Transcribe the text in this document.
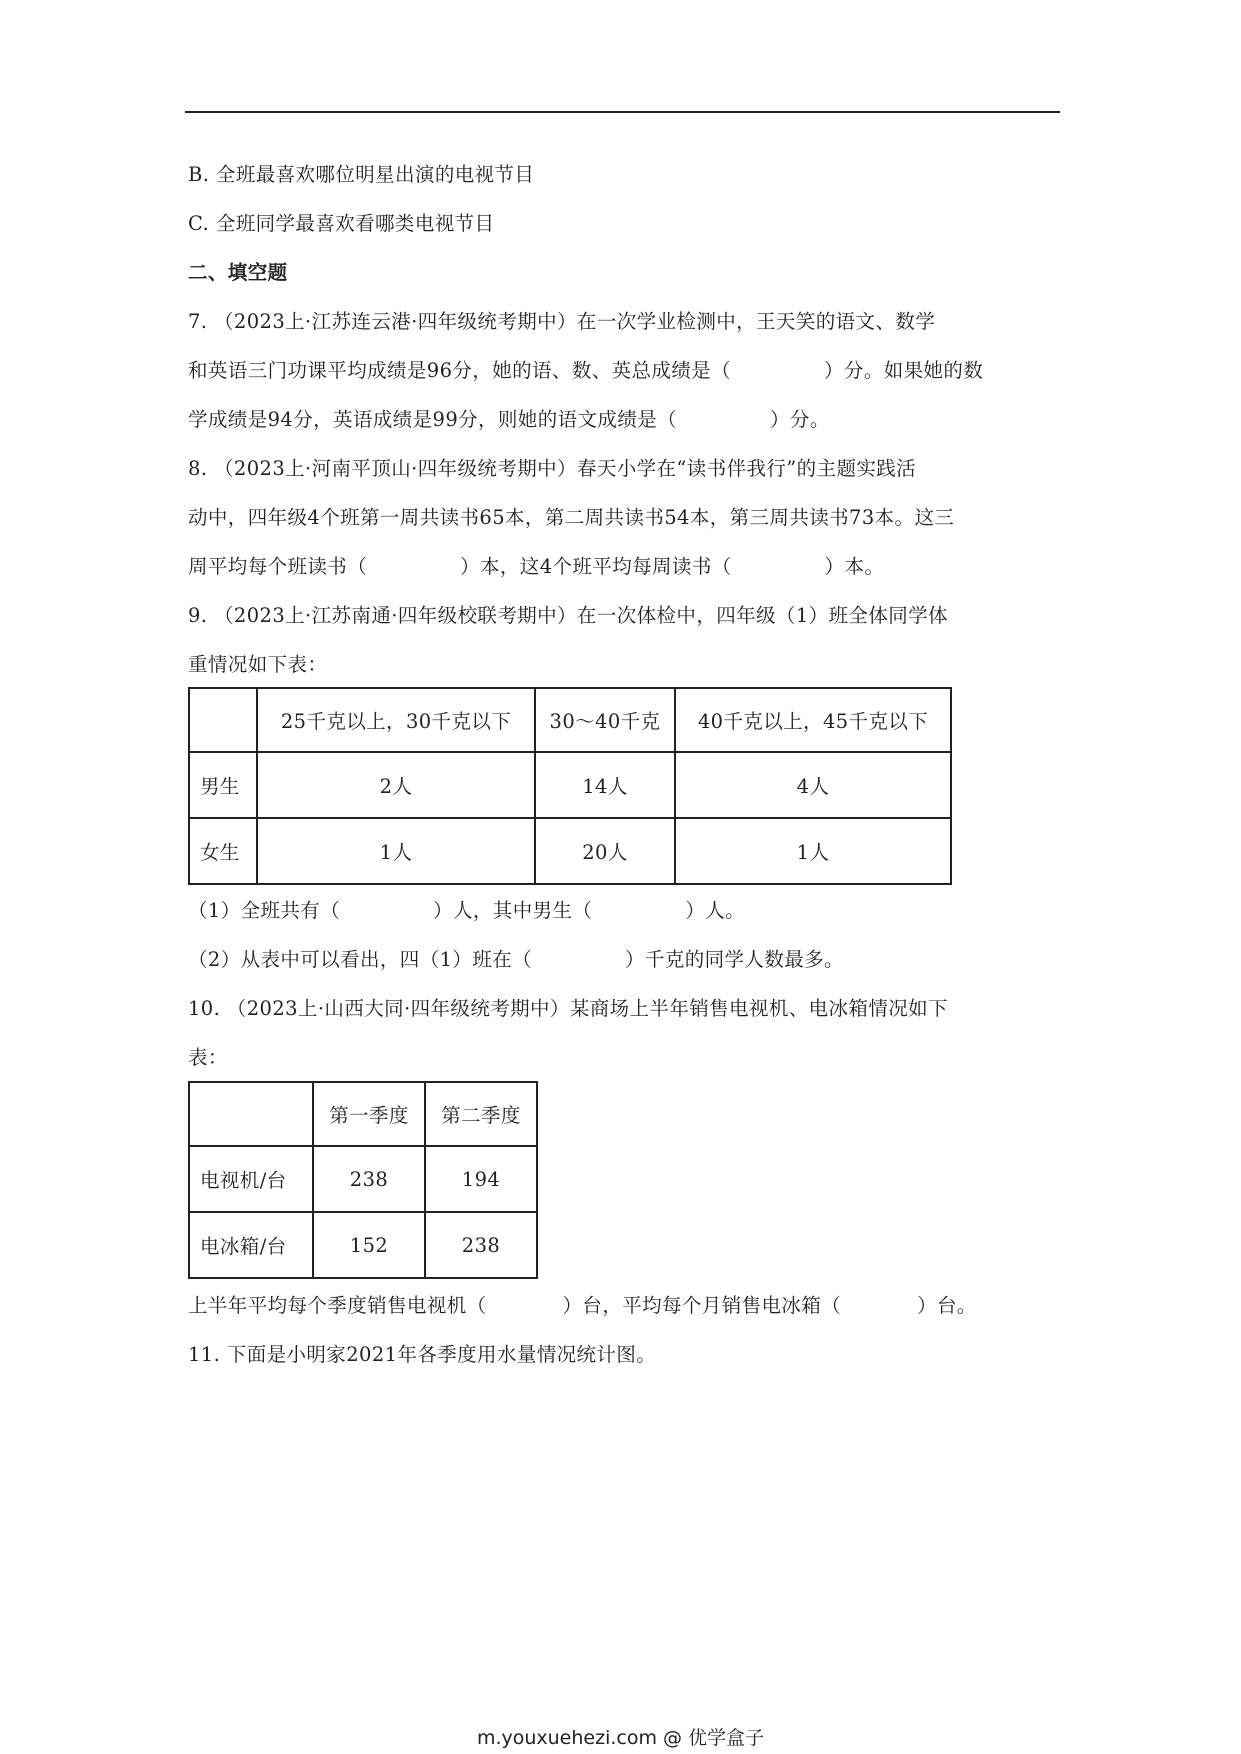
B. 全班最喜欢哪位明星出演的电视节目
C. 全班同学最喜欢看哪类电视节目
二、填空题
7. （2023上·江苏连云港·四年级统考期中）在一次学业检测中，王天笑的语文、数学
和英语三门功课平均成绩是96分，她的语、数、英总成绩是（	）分。如果她的数
学成绩是94分，英语成绩是99分，则她的语文成绩是（	）分。
8. （2023上·河南平顶山·四年级统考期中）春天小学在“读书伴我行”的主题实践活
动中，四年级4个班第一周共读书65本，第二周共读书54本，第三周共读书73本。这三
周平均每个班读书（	）本，这4个班平均每周读书（	）本。
9. （2023上·江苏南通·四年级校联考期中）在一次体检中，四年级（1）班全体同学体
重情况如下表：
	25千克以上，30千克以下	30～40千克	40千克以上，45千克以下
男生	2人	14人	4人
女生	1人	20人	1人
（1）全班共有（	）人，其中男生（	）人。
（2）从表中可以看出，四（1）班在（	）千克的同学人数最多。
10. （2023上·山西大同·四年级统考期中）某商场上半年销售电视机、电冰箱情况如下
表：
	第一季度	第二季度
电视机/台	238	194
电冰箱/台	152	238
上半年平均每个季度销售电视机（	）台，平均每个月销售电冰箱（	）台。
11. 下面是小明家2021年各季度用水量情况统计图。
m.youxuehezi.com @ 优学盒子
